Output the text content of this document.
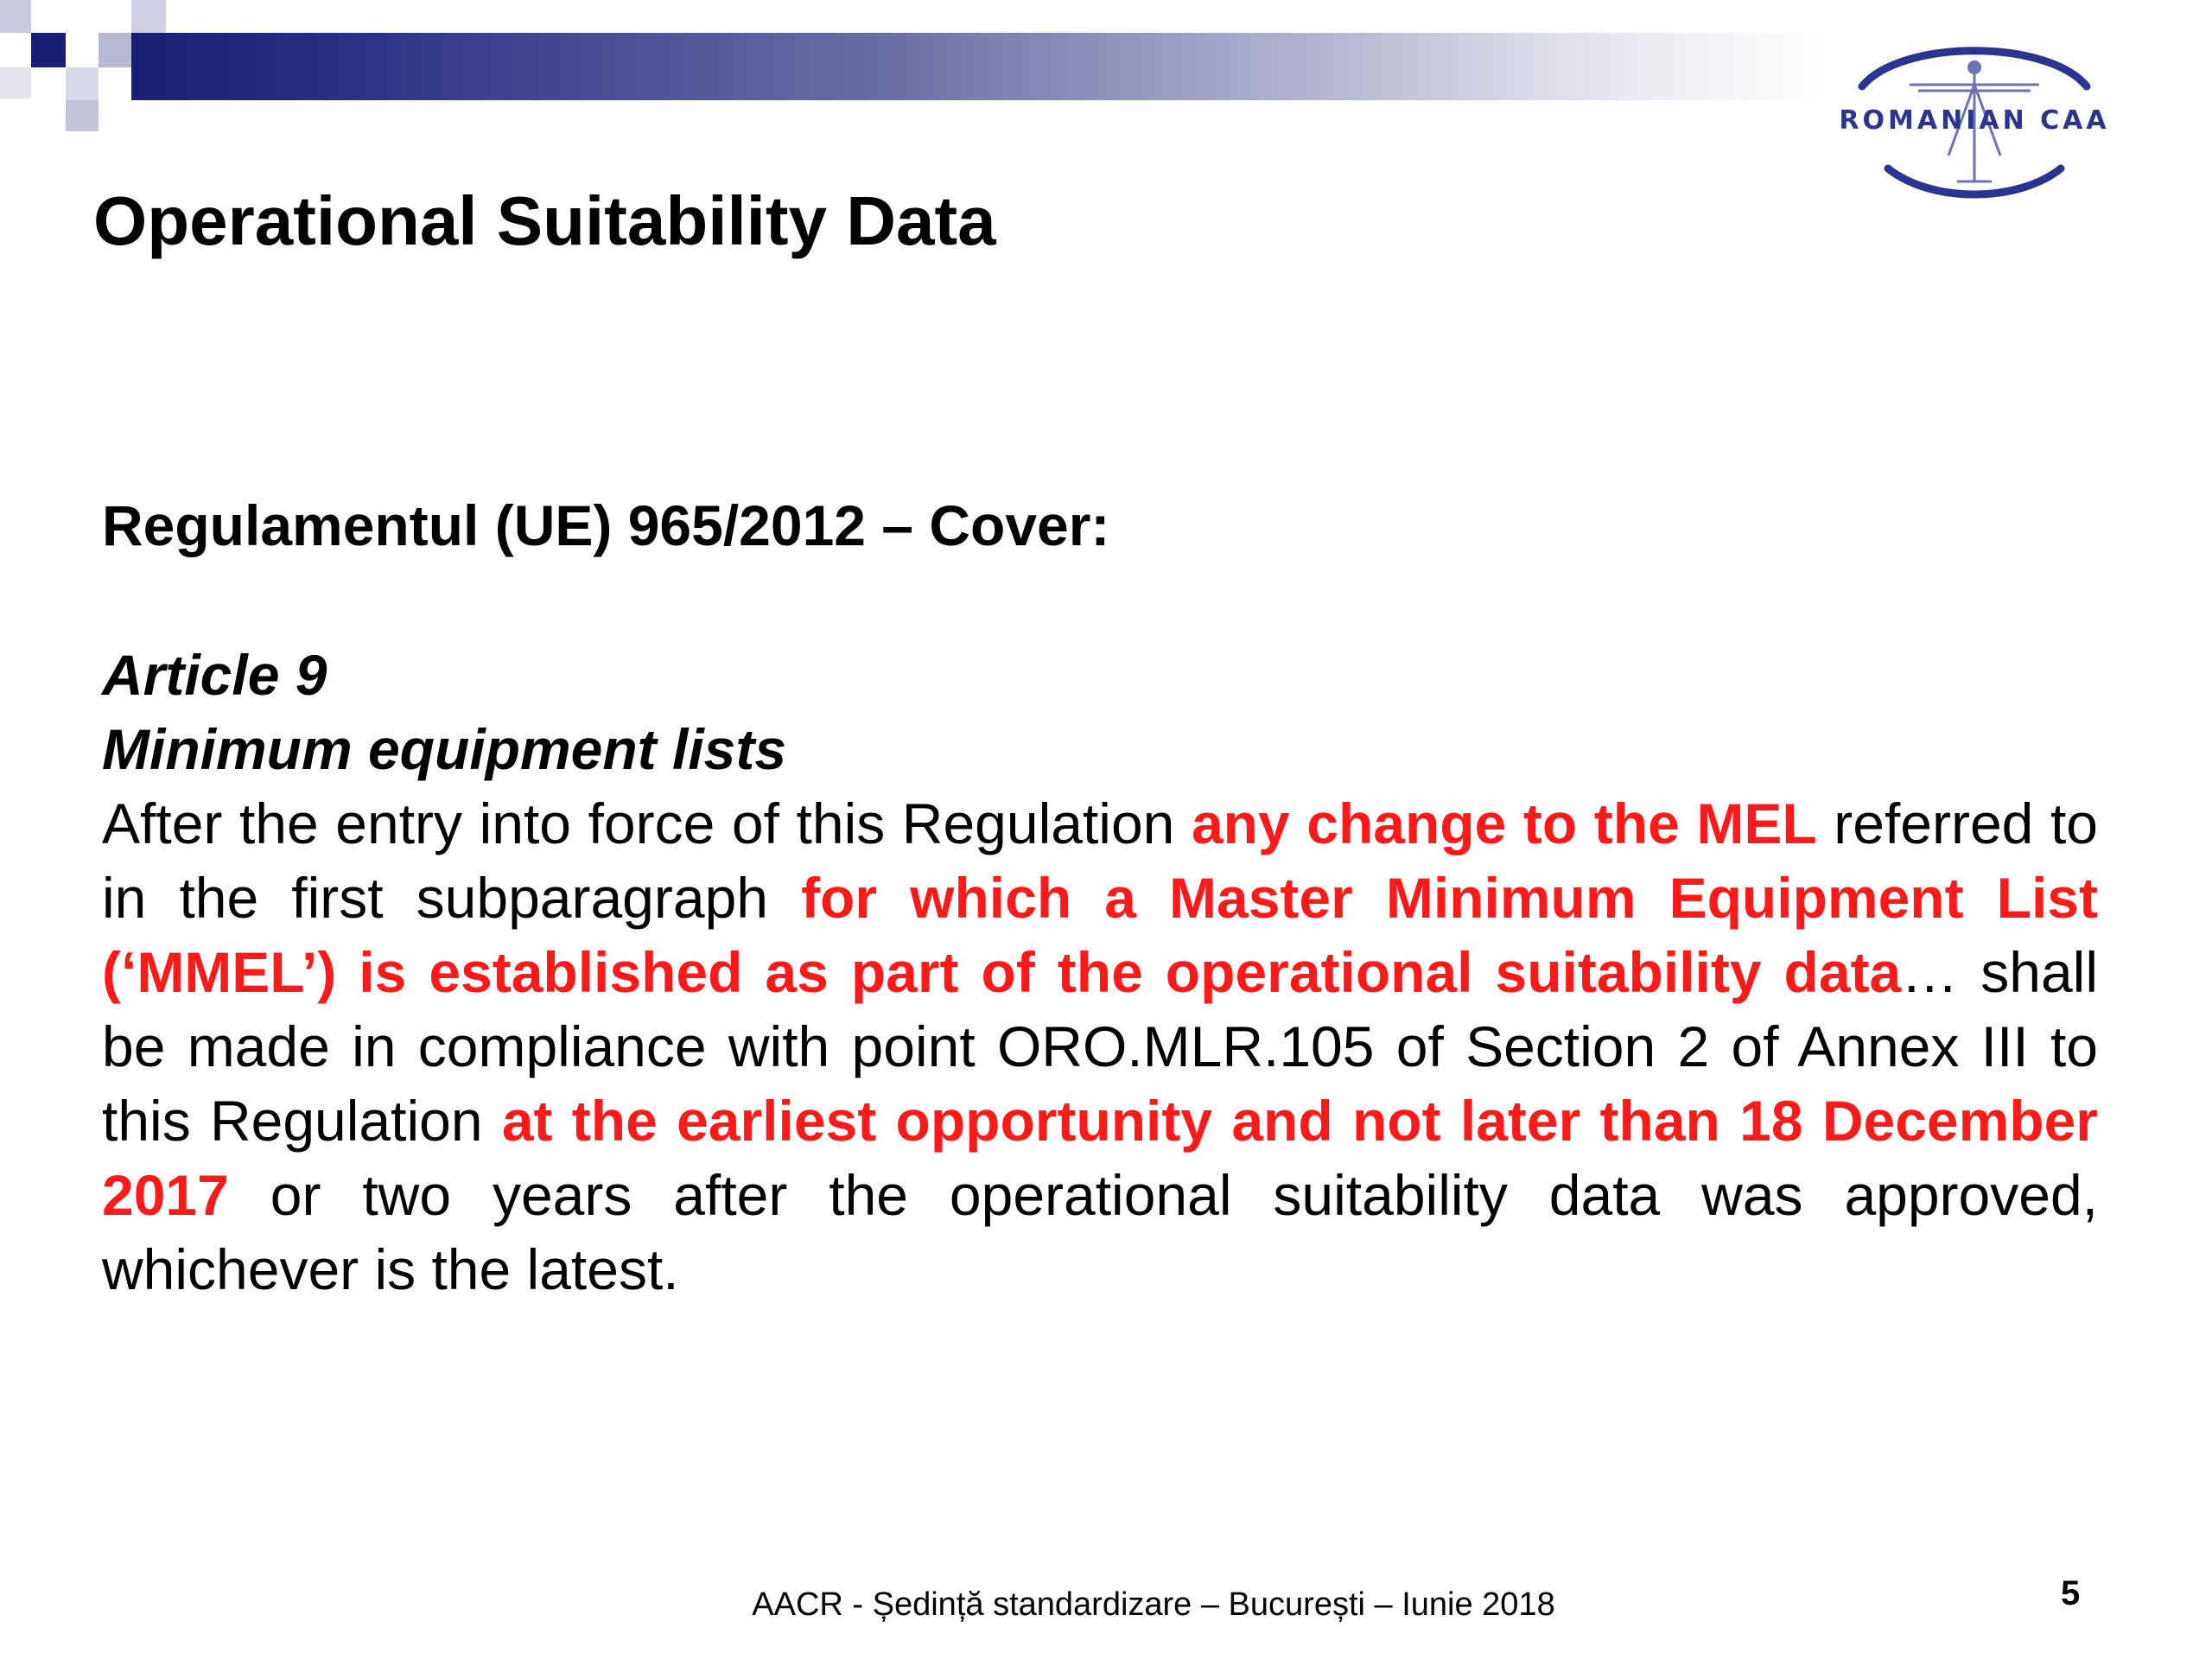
ROMANIAN CAA
Operational Suitability Data
Regulamentul (UE) 965/2012 – Cover:
Article 9
Minimum equipment lists
After the entry into force of this Regulation any change to the MEL referred to in the first subparagraph for which a Master Minimum Equipment List (‘MMEL’) is established as part of the operational suitability data… shall be made in compliance with point ORO.MLR.105 of Section 2 of Annex III to this Regulation at the earliest opportunity and not later than 18 December 2017 or two years after the operational suitability data was approved, whichever is the latest.
AACR - Ședință standardizare – București – Iunie 2018	5
